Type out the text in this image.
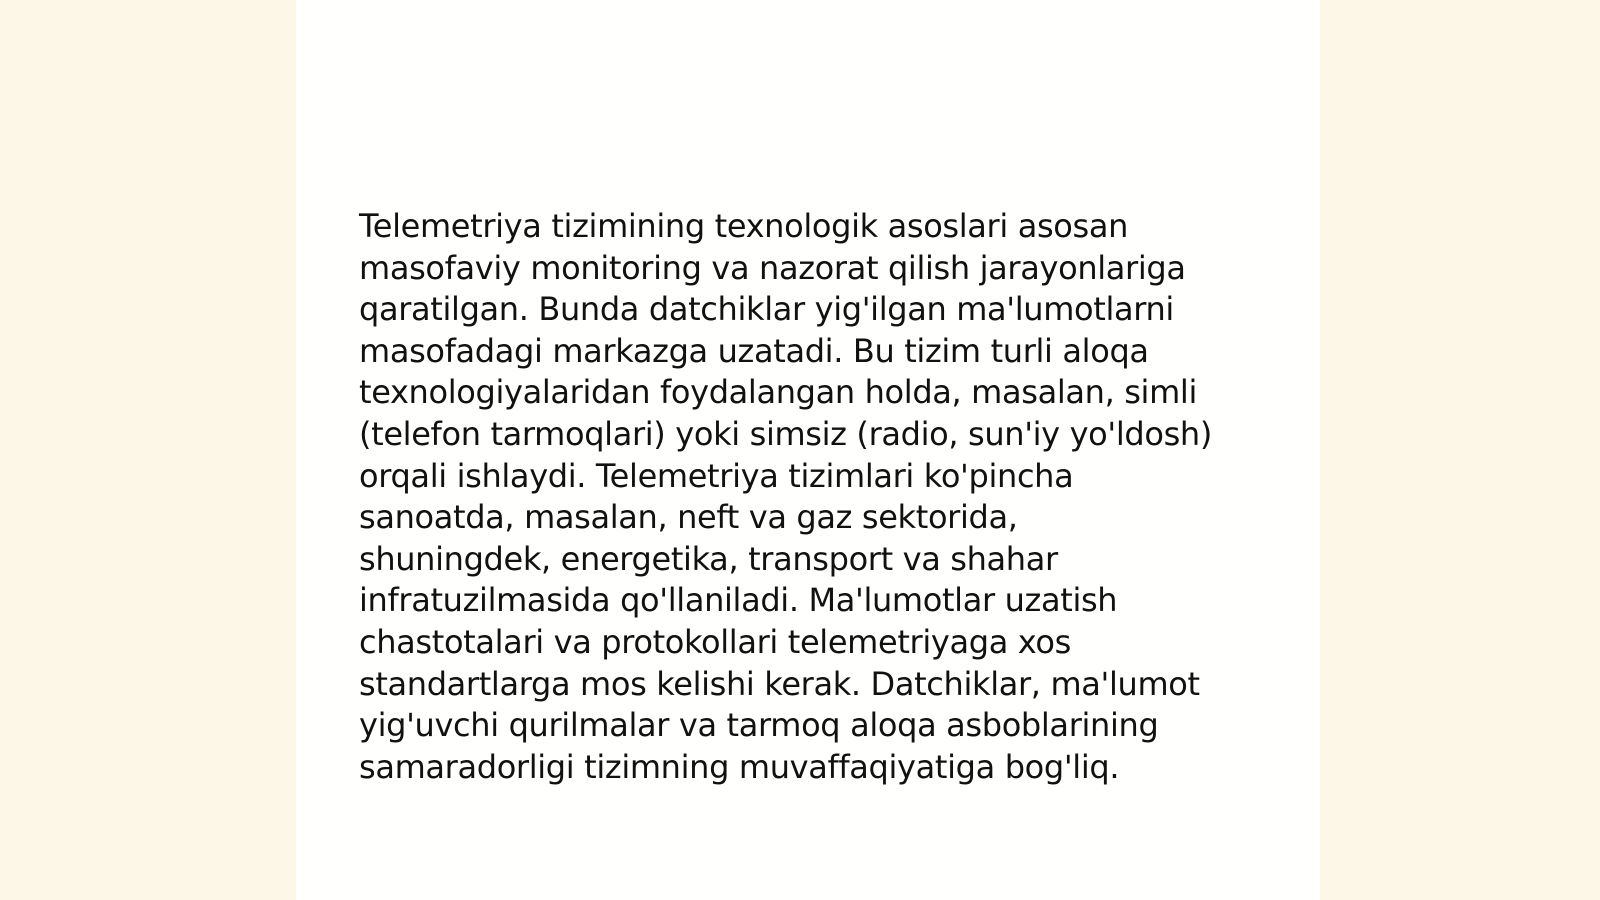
Telemetriya tizimining texnologik asoslari asosan
masofaviy monitoring va nazorat qilish jarayonlariga
qaratilgan. Bunda datchiklar yig'ilgan ma'lumotlarni
masofadagi markazga uzatadi. Bu tizim turli aloqa
texnologiyalaridan foydalangan holda, masalan, simli
(telefon tarmoqlari) yoki simsiz (radio, sun'iy yo'ldosh)
orqali ishlaydi. Telemetriya tizimlari ko'pincha
sanoatda, masalan, neft va gaz sektorida,
shuningdek, energetika, transport va shahar
infratuzilmasida qo'llaniladi. Ma'lumotlar uzatish
chastotalari va protokollari telemetriyaga xos
standartlarga mos kelishi kerak. Datchiklar, ma'lumot
yig'uvchi qurilmalar va tarmoq aloqa asboblarining
samaradorligi tizimning muvaffaqiyatiga bog'liq.
